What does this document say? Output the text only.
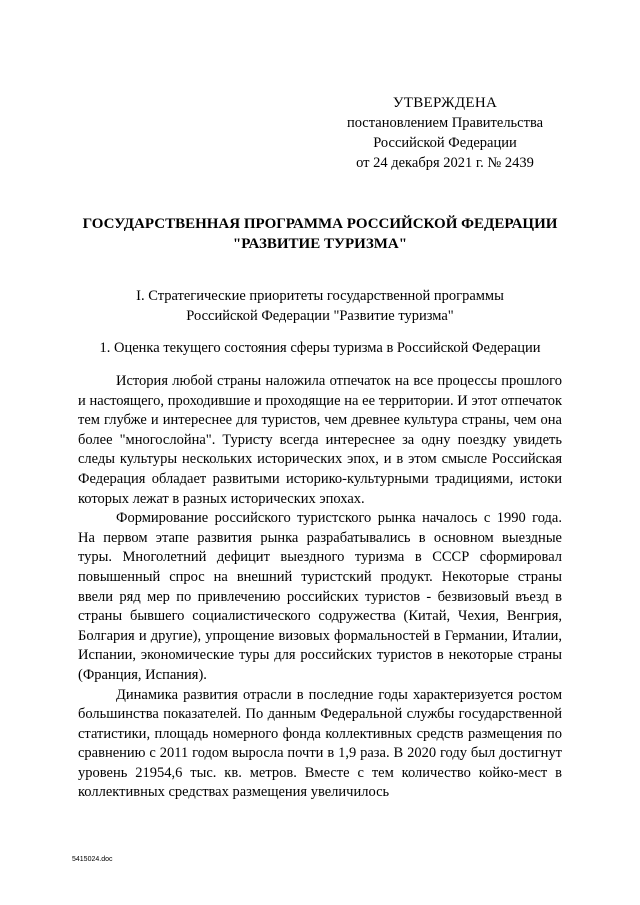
УТВЕРЖДЕНА
постановлением Правительства
Российской Федерации
от 24 декабря 2021 г. № 2439
ГОСУДАРСТВЕННАЯ ПРОГРАММА РОССИЙСКОЙ ФЕДЕРАЦИИ
"РАЗВИТИЕ ТУРИЗМА"
I. Стратегические приоритеты государственной программы
Российской Федерации "Развитие туризма"
1. Оценка текущего состояния сферы туризма в Российской Федерации

История любой страны наложила отпечаток на все процессы прошлого и настоящего, проходившие и проходящие на ее территории. И этот отпечаток тем глубже и интереснее для туристов, чем древнее культура страны, чем она более "многослойна". Туристу всегда интереснее за одну поездку увидеть следы культуры нескольких исторических эпох, и в этом смысле Российская Федерация обладает развитыми историко-культурными традициями, истоки которых лежат в разных исторических эпохах.

Формирование российского туристского рынка началось с 1990 года. На первом этапе развития рынка разрабатывались в основном выездные туры. Многолетний дефицит выездного туризма в СССР сформировал повышенный спрос на внешний туристский продукт. Некоторые страны ввели ряд мер по привлечению российских туристов - безвизовый въезд в страны бывшего социалистического содружества (Китай, Чехия, Венгрия, Болгария и другие), упрощение визовых формальностей в Германии, Италии, Испании, экономические туры для российских туристов в некоторые страны (Франция, Испания).

Динамика развития отрасли в последние годы характеризуется ростом большинства показателей. По данным Федеральной службы государственной статистики, площадь номерного фонда коллективных средств размещения по сравнению с 2011 годом выросла почти в 1,9 раза. В 2020 году был достигнут уровень 21954,6 тыс. кв. метров. Вместе с тем количество койко-мест в коллективных средствах размещения увеличилось

5415024.doc
